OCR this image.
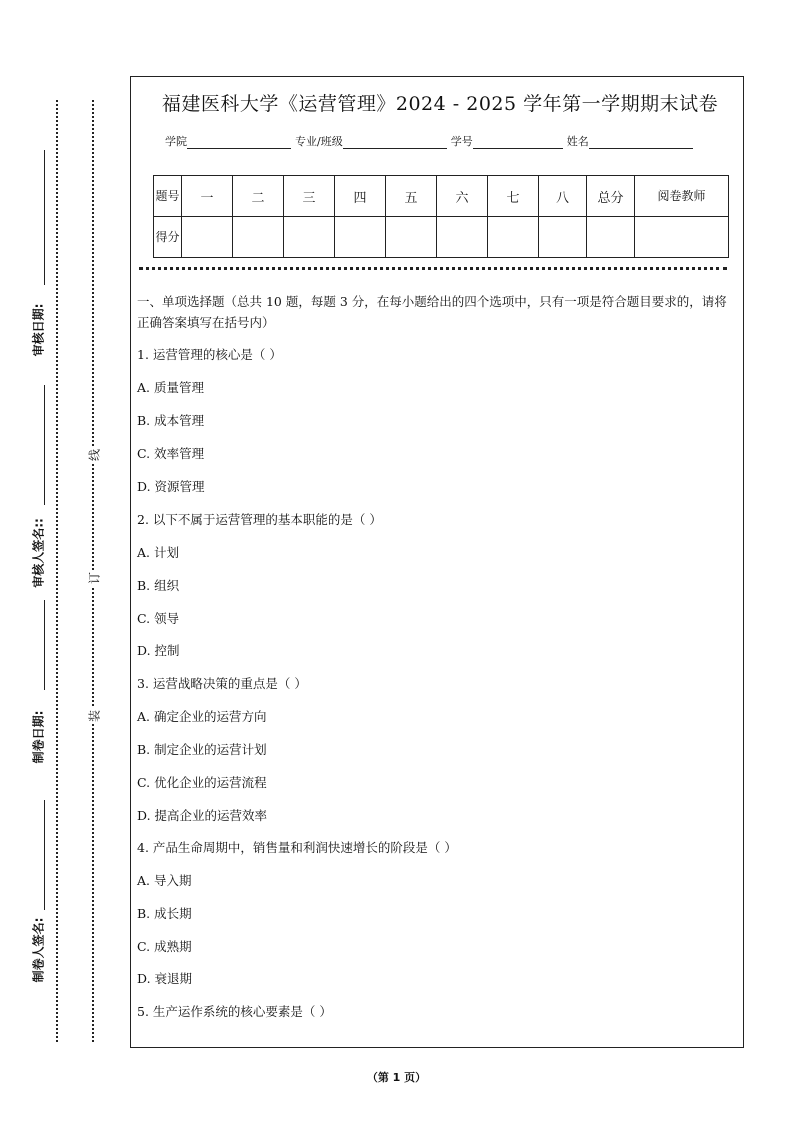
审核日期:
审核人签名::
制卷日期:
制卷人签名:
线
订
装
福建医科大学《运营管理》2024 - 2025 学年第一学期期末试卷
学院	专业/班级	学号	姓名
题号	一	二	三	四	五	六	七	八	总分	阅卷教师
得分										
一、单项选择题（总共 10 题，每题 3 分，在每小题给出的四个选项中，只有一项是符合题目要求的，请将正确答案填写在括号内）
1. 运营管理的核心是（ ）
A. 质量管理
B. 成本管理
C. 效率管理
D. 资源管理
2. 以下不属于运营管理的基本职能的是（ ）
A. 计划
B. 组织
C. 领导
D. 控制
3. 运营战略决策的重点是（ ）
A. 确定企业的运营方向
B. 制定企业的运营计划
C. 优化企业的运营流程
D. 提高企业的运营效率
4. 产品生命周期中，销售量和利润快速增长的阶段是（ ）
A. 导入期
B. 成长期
C. 成熟期
D. 衰退期
5. 生产运作系统的核心要素是（ ）
（第 1 页）
